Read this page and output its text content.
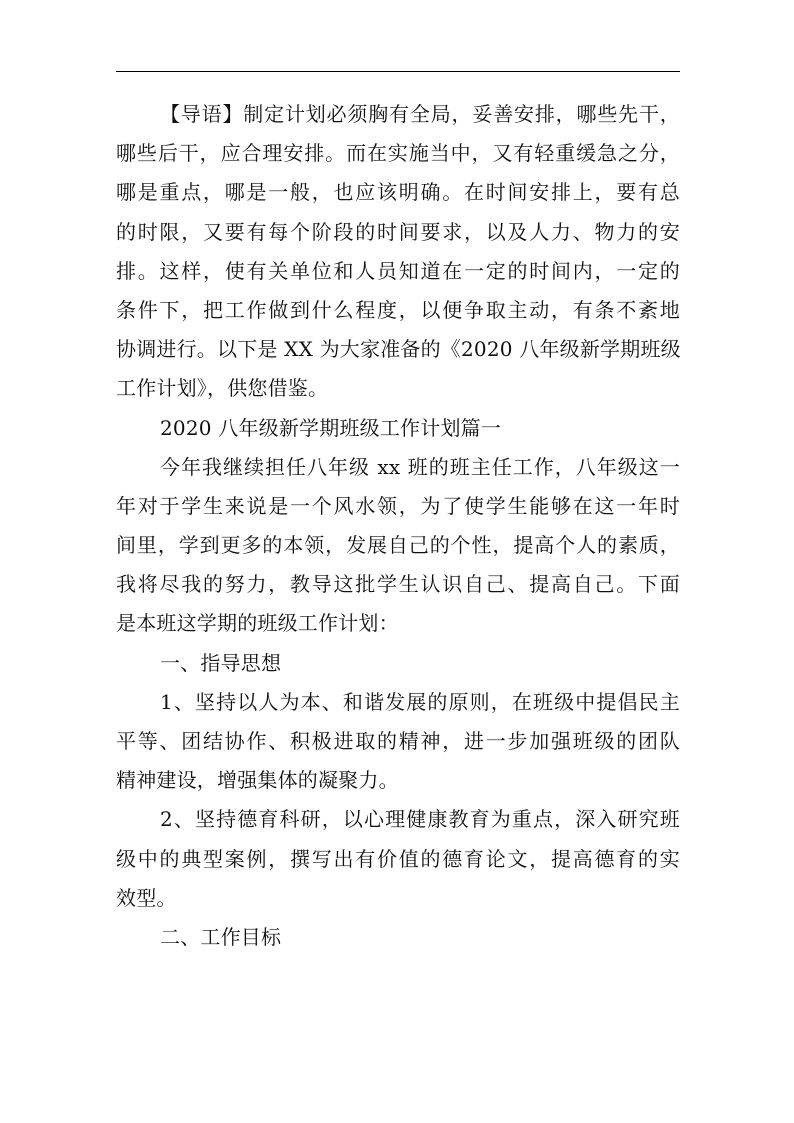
【导语】制定计划必须胸有全局，妥善安排，哪些先干，
哪些后干，应合理安排。而在实施当中，又有轻重缓急之分，
哪是重点，哪是一般，也应该明确。在时间安排上，要有总
的时限，又要有每个阶段的时间要求，以及人力、物力的安
排。这样，使有关单位和人员知道在一定的时间内，一定的
条件下，把工作做到什么程度，以便争取主动，有条不紊地
协调进行。以下是 XX 为大家准备的《2020 八年级新学期班级
工作计划》，供您借鉴。
2020 八年级新学期班级工作计划篇一
今年我继续担任八年级 xx 班的班主任工作，八年级这一
年对于学生来说是一个风水领，为了使学生能够在这一年时
间里，学到更多的本领，发展自己的个性，提高个人的素质，
我将尽我的努力，教导这批学生认识自己、提高自己。下面
是本班这学期的班级工作计划：
一、指导思想
1、坚持以人为本、和谐发展的原则，在班级中提倡民主
平等、团结协作、积极进取的精神，进一步加强班级的团队
精神建设，增强集体的凝聚力。
2、坚持德育科研，以心理健康教育为重点，深入研究班
级中的典型案例，撰写出有价值的德育论文，提高德育的实
效型。
二、工作目标
